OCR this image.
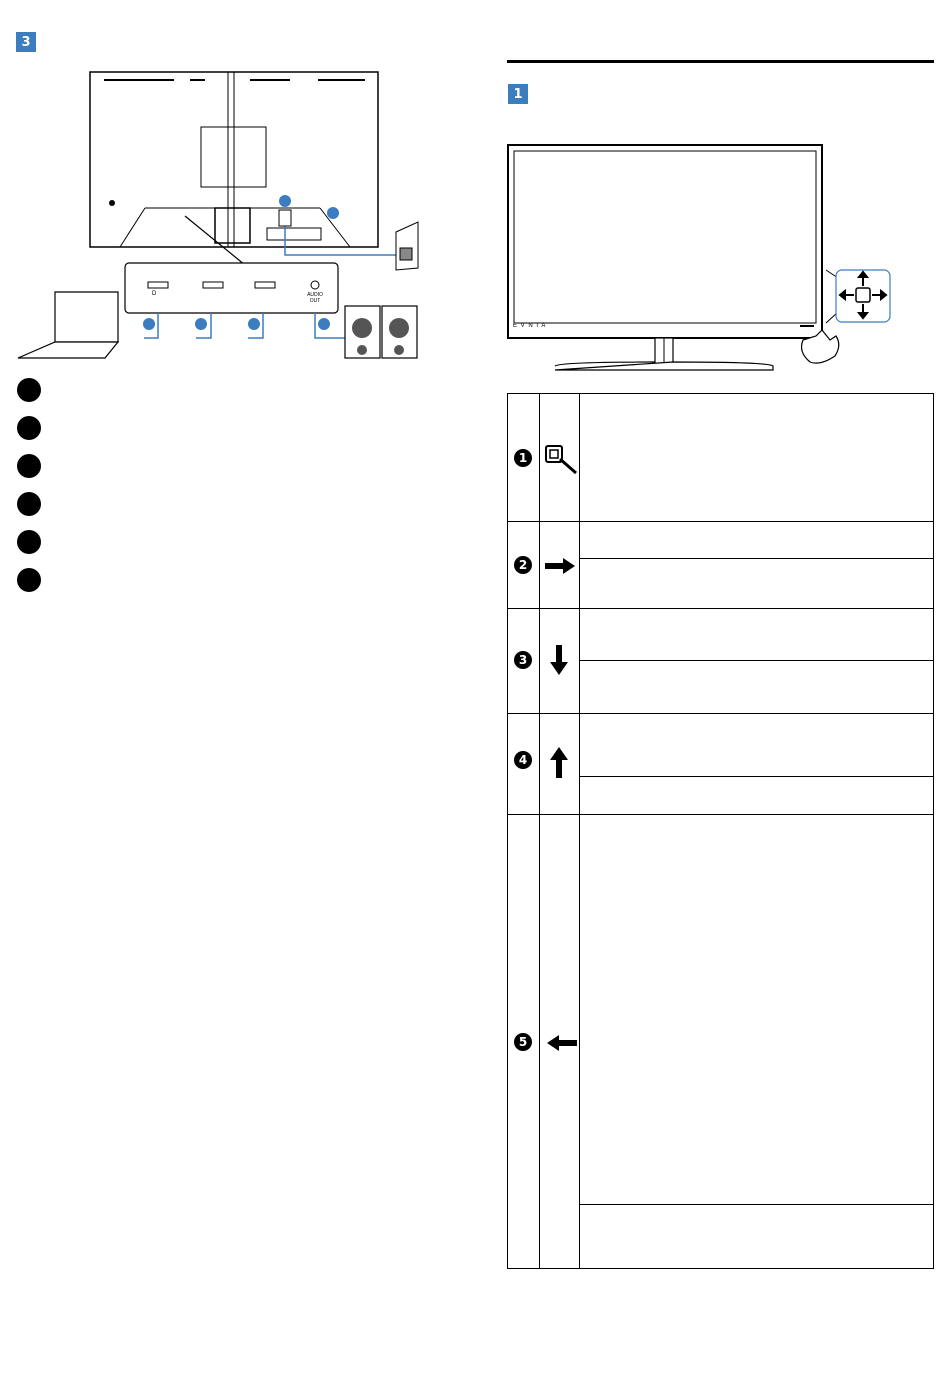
3
D	AUDIO OUT
1
E V N I A
1
2
3
4
5
